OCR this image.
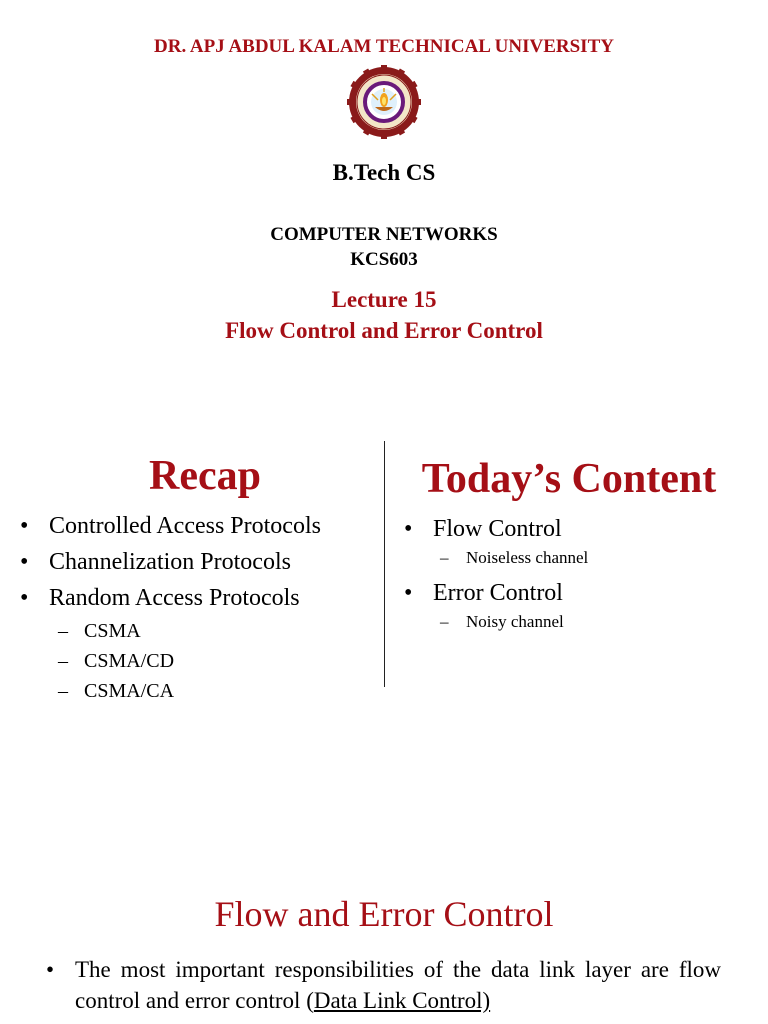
DR. APJ ABDUL KALAM TECHNICAL UNIVERSITY
B.Tech CS
COMPUTER NETWORKS
KCS603
Lecture 15
Flow Control and Error Control
Recap
• Controlled Access Protocols
• Channelization Protocols
• Random Access Protocols
– CSMA
– CSMA/CD
– CSMA/CA
Today’s Content
• Flow Control
– Noiseless channel
• Error Control
– Noisy channel
Flow and Error Control
• The most important responsibilities of the data link layer are flow control and error control (Data Link Control)
